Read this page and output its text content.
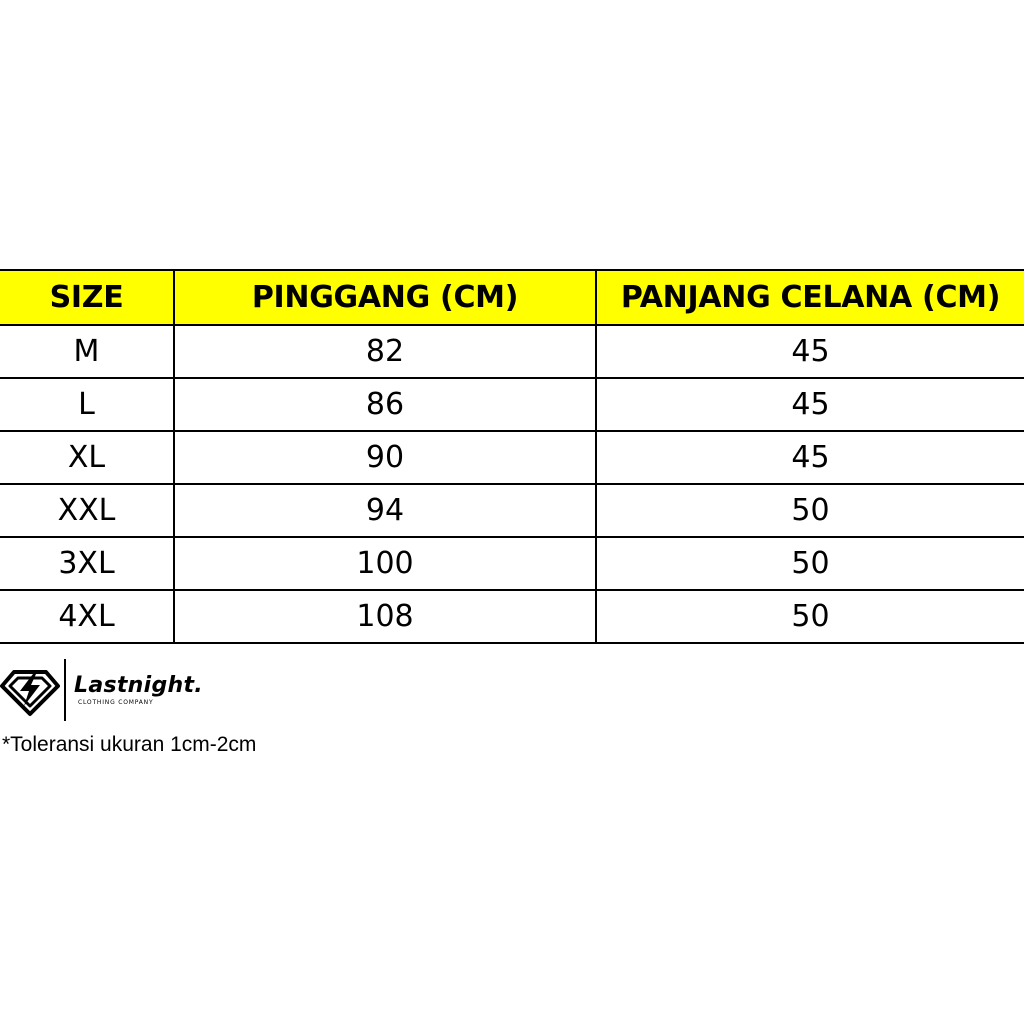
SIZE	PINGGANG (CM)	PANJANG CELANA (CM)
M	82	45
L	86	45
XL	90	45
XXL	94	50
3XL	100	50
4XL	108	50
Lastnight.
CLOTHING COMPANY
*Toleransi ukuran 1cm-2cm
